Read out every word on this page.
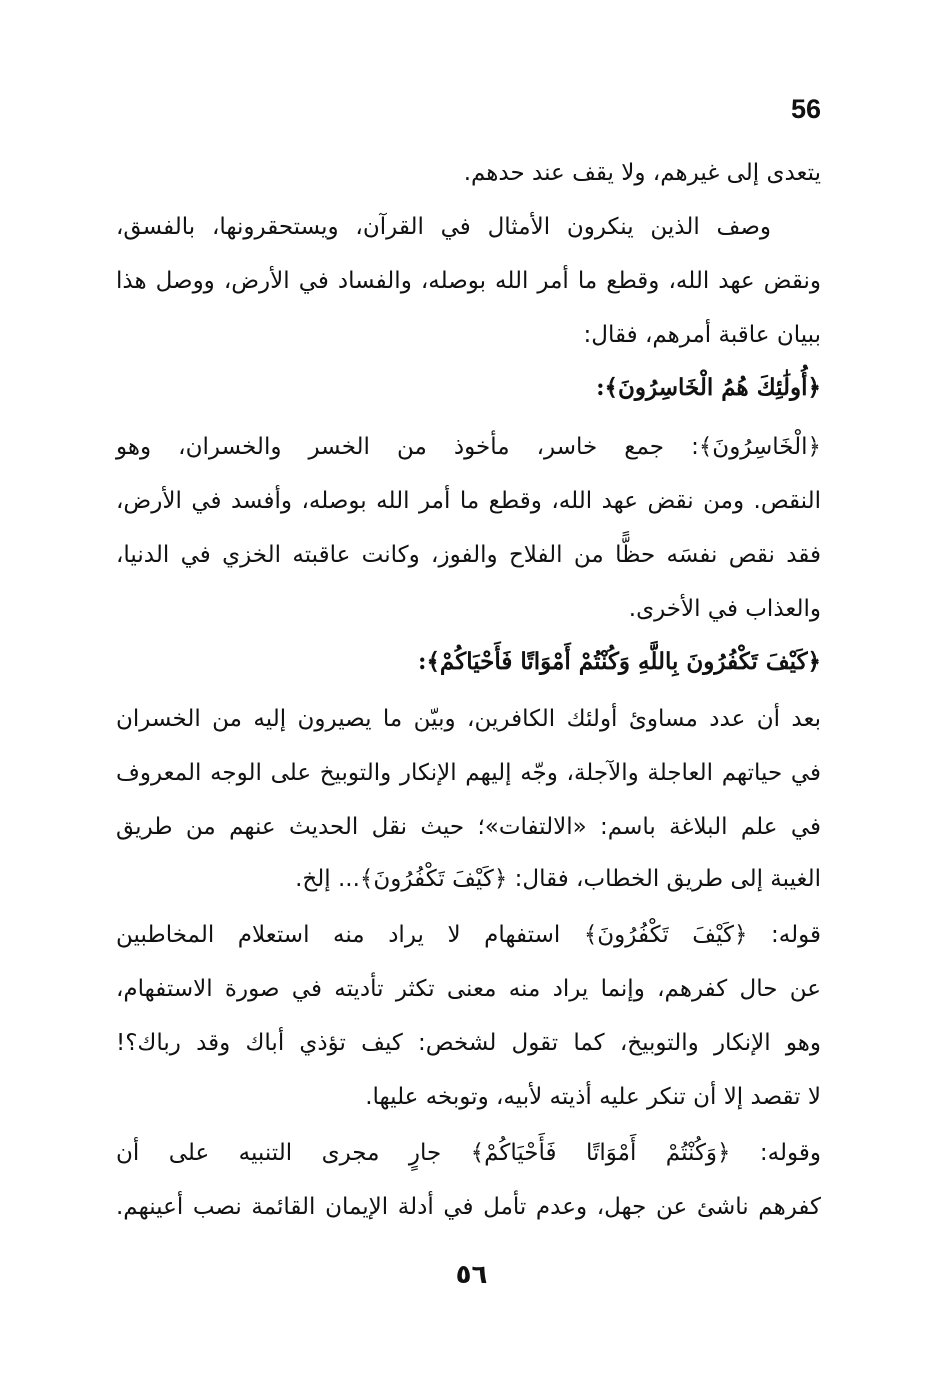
56
يتعدى إلى غيرهم، ولا يقف عند حدهم.
وصف الذين ينكرون الأمثال في القرآن، ويستحقرونها، بالفسق،
ونقض عهد الله، وقطع ما أمر الله بوصله، والفساد في الأرض، ووصل هذا
ببيان عاقبة أمرهم، فقال:
﴿أُولَٰئِكَ هُمُ الْخَاسِرُونَ﴾:
﴿الْخَاسِرُونَ﴾: جمع خاسر، مأخوذ من الخسر والخسران، وهو
النقص. ومن نقض عهد الله، وقطع ما أمر الله بوصله، وأفسد في الأرض،
فقد نقص نفسَه حظًّا من الفلاح والفوز، وكانت عاقبته الخزي في الدنيا،
والعذاب في الأخرى.
﴿كَيْفَ تَكْفُرُونَ بِاللَّهِ وَكُنْتُمْ أَمْوَاتًا فَأَحْيَاكُمْ﴾:
بعد أن عدد مساوئ أولئك الكافرين، وبيّن ما يصيرون إليه من الخسران
في حياتهم العاجلة والآجلة، وجّه إليهم الإنكار والتوبيخ على الوجه المعروف
في علم البلاغة باسم: «الالتفات»؛ حيث نقل الحديث عنهم من طريق
الغيبة إلى طريق الخطاب، فقال: ﴿كَيْفَ تَكْفُرُونَ﴾... إلخ.
قوله: ﴿كَيْفَ تَكْفُرُونَ﴾ استفهام لا يراد منه استعلام المخاطبين
عن حال كفرهم، وإنما يراد منه معنى تكثر تأديته في صورة الاستفهام،
وهو الإنكار والتوبيخ، كما تقول لشخص: كيف تؤذي أباك وقد رباك؟!
لا تقصد إلا أن تنكر عليه أذيته لأبيه، وتوبخه عليها.
وقوله: ﴿وَكُنْتُمْ أَمْوَاتًا فَأَحْيَاكُمْ﴾ جارٍ مجرى التنبيه على أن
كفرهم ناشئ عن جهل، وعدم تأمل في أدلة الإيمان القائمة نصب أعينهم.
٥٦
